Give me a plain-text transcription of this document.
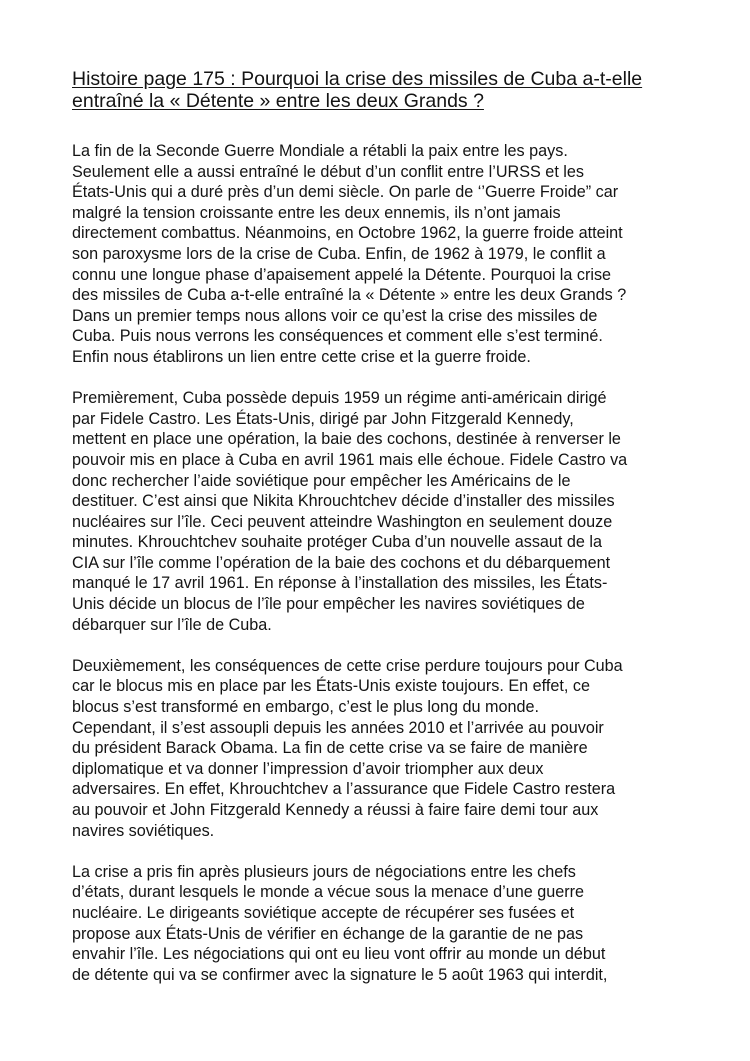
Histoire page 175 : Pourquoi la crise des missiles de Cuba a-t-elle
entraîné la « Détente » entre les deux Grands ?

La fin de la Seconde Guerre Mondiale a rétabli la paix entre les pays.
Seulement elle a aussi entraîné le début d’un conflit entre l’URSS et les
États-Unis qui a duré près d’un demi siècle. On parle de ‘’Guerre Froide” car
malgré la tension croissante entre les deux ennemis, ils n’ont jamais
directement combattus. Néanmoins, en Octobre 1962, la guerre froide atteint
son paroxysme lors de la crise de Cuba. Enfin, de 1962 à 1979, le conflit a
connu une longue phase d’apaisement appelé la Détente. Pourquoi la crise
des missiles de Cuba a-t-elle entraîné la « Détente » entre les deux Grands ?
Dans un premier temps nous allons voir ce qu’est la crise des missiles de
Cuba. Puis nous verrons les conséquences et comment elle s’est terminé.
Enfin nous établirons un lien entre cette crise et la guerre froide.

Premièrement, Cuba possède depuis 1959 un régime anti-américain dirigé
par Fidele Castro. Les États-Unis, dirigé par John Fitzgerald Kennedy,
mettent en place une opération, la baie des cochons, destinée à renverser le
pouvoir mis en place à Cuba en avril 1961 mais elle échoue. Fidele Castro va
donc rechercher l’aide soviétique pour empêcher les Américains de le
destituer. C’est ainsi que Nikita Khrouchtchev décide d’installer des missiles
nucléaires sur l’île. Ceci peuvent atteindre Washington en seulement douze
minutes. Khrouchtchev souhaite protéger Cuba d’un nouvelle assaut de la
CIA sur l’île comme l’opération de la baie des cochons et du débarquement
manqué le 17 avril 1961. En réponse à l’installation des missiles, les États-
Unis décide un blocus de l’île pour empêcher les navires soviétiques de
débarquer sur l’île de Cuba.

Deuxièmement, les conséquences de cette crise perdure toujours pour Cuba
car le blocus mis en place par les États-Unis existe toujours. En effet, ce
blocus s’est transformé en embargo, c’est le plus long du monde.
Cependant, il s’est assoupli depuis les années 2010 et l’arrivée au pouvoir
du président Barack Obama. La fin de cette crise va se faire de manière
diplomatique et va donner l’impression d’avoir triompher aux deux
adversaires. En effet, Khrouchtchev a l’assurance que Fidele Castro restera
au pouvoir et John Fitzgerald Kennedy a réussi à faire faire demi tour aux
navires soviétiques.

La crise a pris fin après plusieurs jours de négociations entre les chefs
d’états, durant lesquels le monde a vécue sous la menace d’une guerre
nucléaire. Le dirigeants soviétique accepte de récupérer ses fusées et
propose aux États-Unis de vérifier en échange de la garantie de ne pas
envahir l’île. Les négociations qui ont eu lieu vont offrir au monde un début
de détente qui va se confirmer avec la signature le 5 août 1963 qui interdit,
